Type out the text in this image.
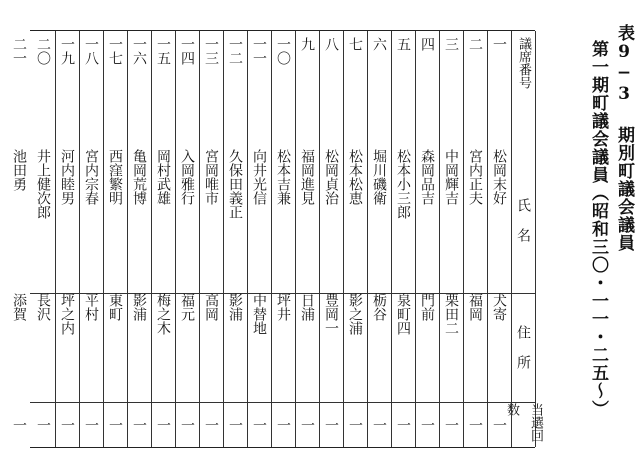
表9−3 期別町議会議員
第一期町議会議員（昭和三〇・一一・二五〜）
議席番号
氏 名
住 所
当選回数
一
松岡末好
犬寄
一
二
宮内正夫
福岡
一
三
中岡輝吉
栗田二
一
四
森岡品吉
門前
一
五
松本小三郎
泉町四
一
六
堀川磯衛
栃谷
一
七
松本松恵
影之浦
一
八
松岡貞治
豊岡一
一
九
福岡進見
日浦
一
一〇
松本吉兼
坪井
一
一一
向井光信
中替地
一
一二
久保田義正
影浦
一
一三
宮岡唯市
高岡
一
一四
入岡雅行
福元
一
一五
岡村武雄
梅之木
一
一六
亀岡荒博
影浦
一
一七
西窪繁明
東町
一
一八
宮内宗春
平村
一
一九
河内睦男
坪之内
一
二〇
井上健次郎
長沢
一
二一
池田勇
添賀
一
